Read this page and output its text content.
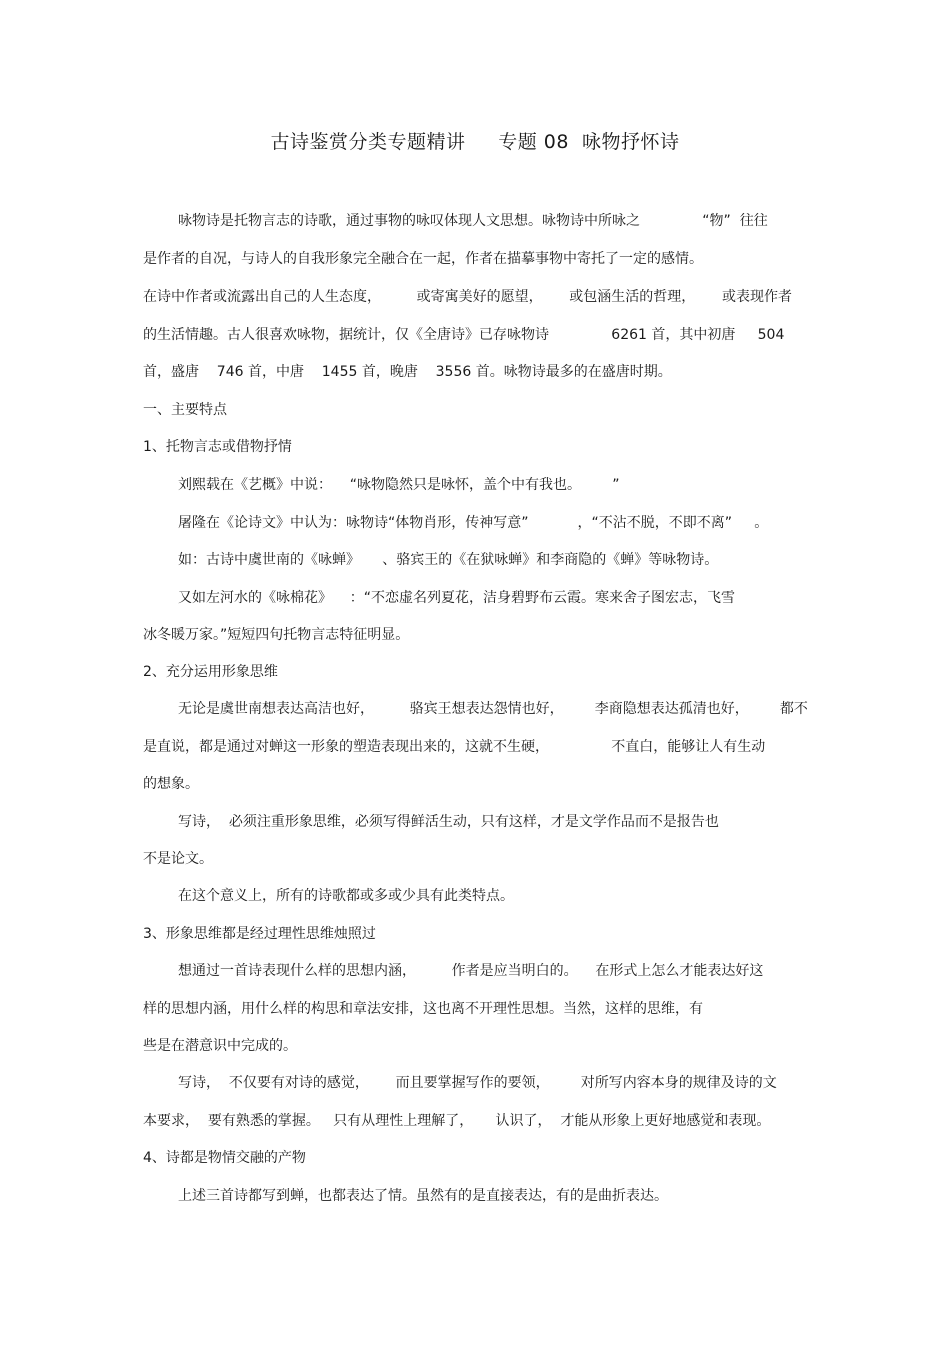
古诗鉴赏分类专题精讲     专题 08  咏物抒怀诗
咏物诗是托物言志的诗歌，通过事物的咏叹体现人文思想。咏物诗中所咏之              “物”  往往
是作者的自况，与诗人的自我形象完全融合在一起，作者在描摹事物中寄托了一定的感情。
在诗中作者或流露出自己的人生态度，        或寄寓美好的愿望，      或包涵生活的哲理，      或表现作者
的生活情趣。古人很喜欢咏物，据统计，仅《全唐诗》已存咏物诗              6261 首，其中初唐     504
首，盛唐    746 首，中唐    1455 首，晚唐    3556 首。咏物诗最多的在盛唐时期。
一、主要特点
1、托物言志或借物抒情
刘熙载在《艺概》中说：    “咏物隐然只是咏怀，盖个中有我也。       ”
屠隆在《论诗文》中认为：咏物诗“体物肖形，传神写意”           ，“不沾不脱，不即不离”     。
如：古诗中虞世南的《咏蝉》     、骆宾王的《在狱咏蝉》和李商隐的《蝉》等咏物诗。
又如左河水的《咏棉花》    ：“不恋虚名列夏花，洁身碧野布云霞。寒来舍子图宏志，飞雪
冰冬暖万家。”短短四句托物言志特征明显。
2、充分运用形象思维
无论是虞世南想表达高洁也好，        骆宾王想表达怨情也好，       李商隐想表达孤清也好，       都不
是直说，都是通过对蝉这一形象的塑造表现出来的，这就不生硬，              不直白，能够让人有生动
的想象。
写诗，  必须注重形象思维，必须写得鲜活生动，只有这样，才是文学作品而不是报告也
不是论文。
在这个意义上，所有的诗歌都或多或少具有此类特点。
3、形象思维都是经过理性思维烛照过
想通过一首诗表现什么样的思想内涵，        作者是应当明白的。    在形式上怎么才能表达好这
样的思想内涵，用什么样的构思和章法安排，这也离不开理性思想。当然，这样的思维，有
些是在潜意识中完成的。
写诗，  不仅要有对诗的感觉，      而且要掌握写作的要领，       对所写内容本身的规律及诗的文
本要求，  要有熟悉的掌握。   只有从理性上理解了，     认识了，  才能从形象上更好地感觉和表现。
4、诗都是物情交融的产物
上述三首诗都写到蝉，也都表达了情。虽然有的是直接表达，有的是曲折表达。
